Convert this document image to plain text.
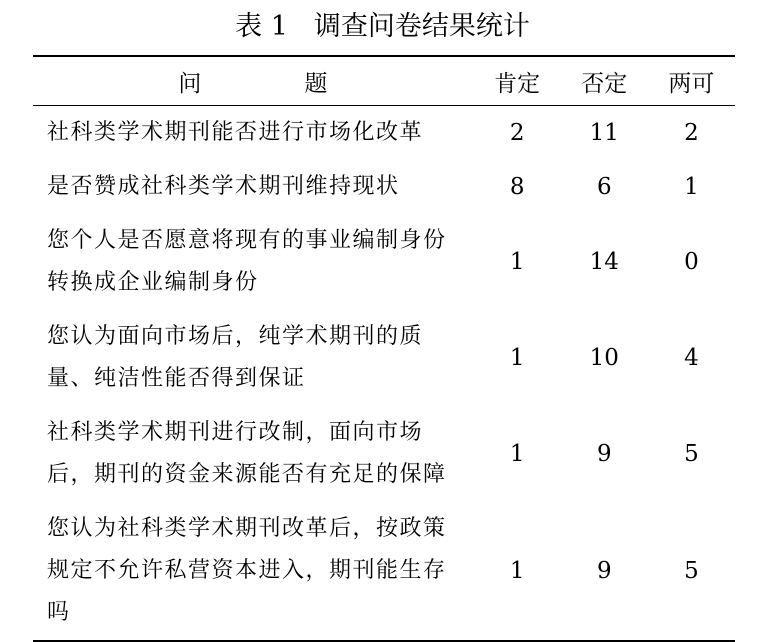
表 1 调查问卷结果统计
问　题	肯定	否定	两可
社科类学术期刊能否进行市场化改革	2	11	2
是否赞成社科类学术期刊维持现状	8	6	1
您个人是否愿意将现有的事业编制身份转换成企业编制身份	1	14	0
您认为面向市场后，纯学术期刊的质量、纯洁性能否得到保证	1	10	4
社科类学术期刊进行改制，面向市场后，期刊的资金来源能否有充足的保障	1	9	5
您认为社科类学术期刊改革后，按政策规定不允许私营资本进入，期刊能生存吗	1	9	5
